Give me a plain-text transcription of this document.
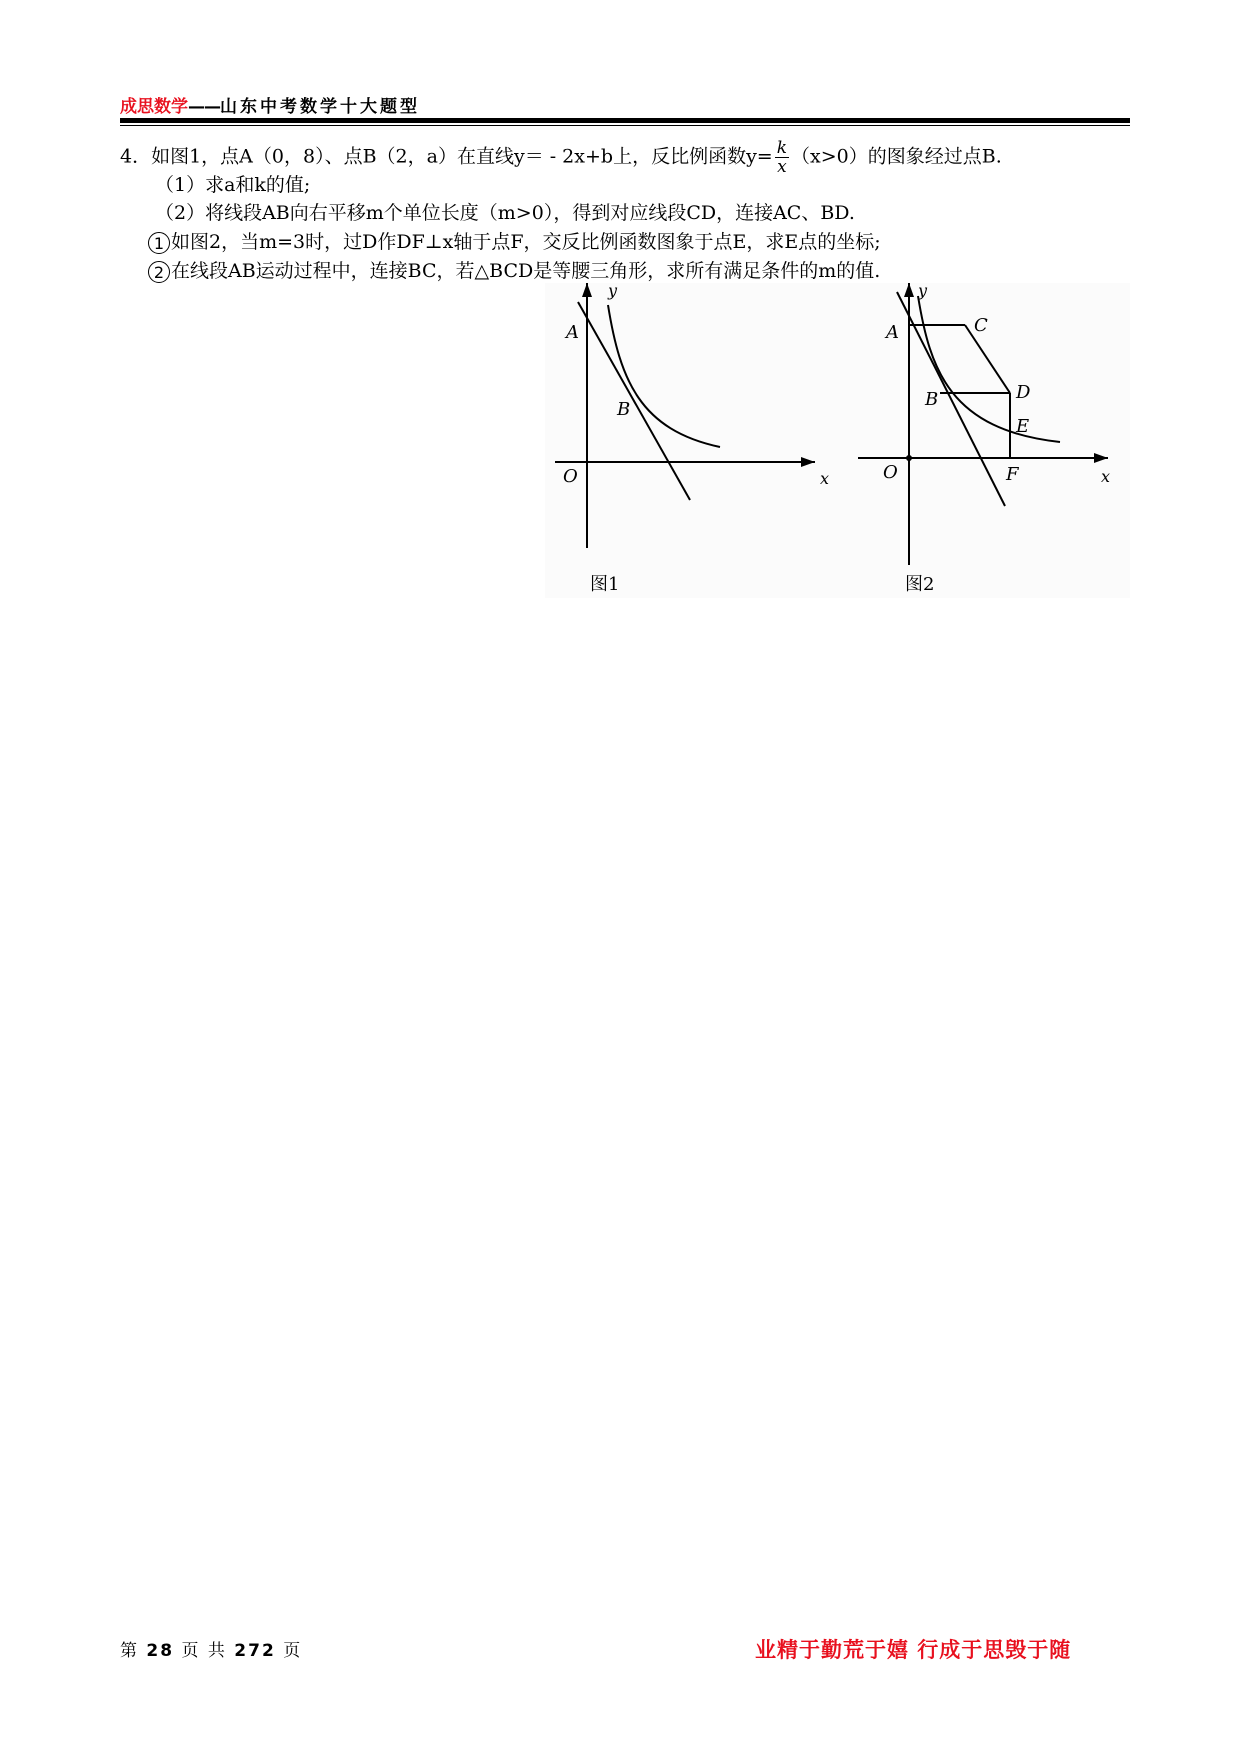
成思数学——山东中考数学十大题型
4．如图1，点A（0，8）、点B（2，a）在直线y＝ - 2x+b上，反比例函数$y= \frac{k}{x} (x>0)$的图象经过点B.
（1）求a和k的值;
（2）将线段AB向右平移m个单位长度（m>0），得到对应线段CD，连接AC、BD.
1 如图2，当m=3时，过D作DF⊥x轴于点F，交反比例函数图象于点E，求E点的坐标;
2 在线段AB运动过程中，连接BC，若△BCD是等腰三角形，求所有满足条件的m的值.
A
y
B
O	x
图1
A
y
C
B	D
E
O	F	x
图2
第 28 页 共 272 页	业精于勤荒于嬉 行成于思毁于随
